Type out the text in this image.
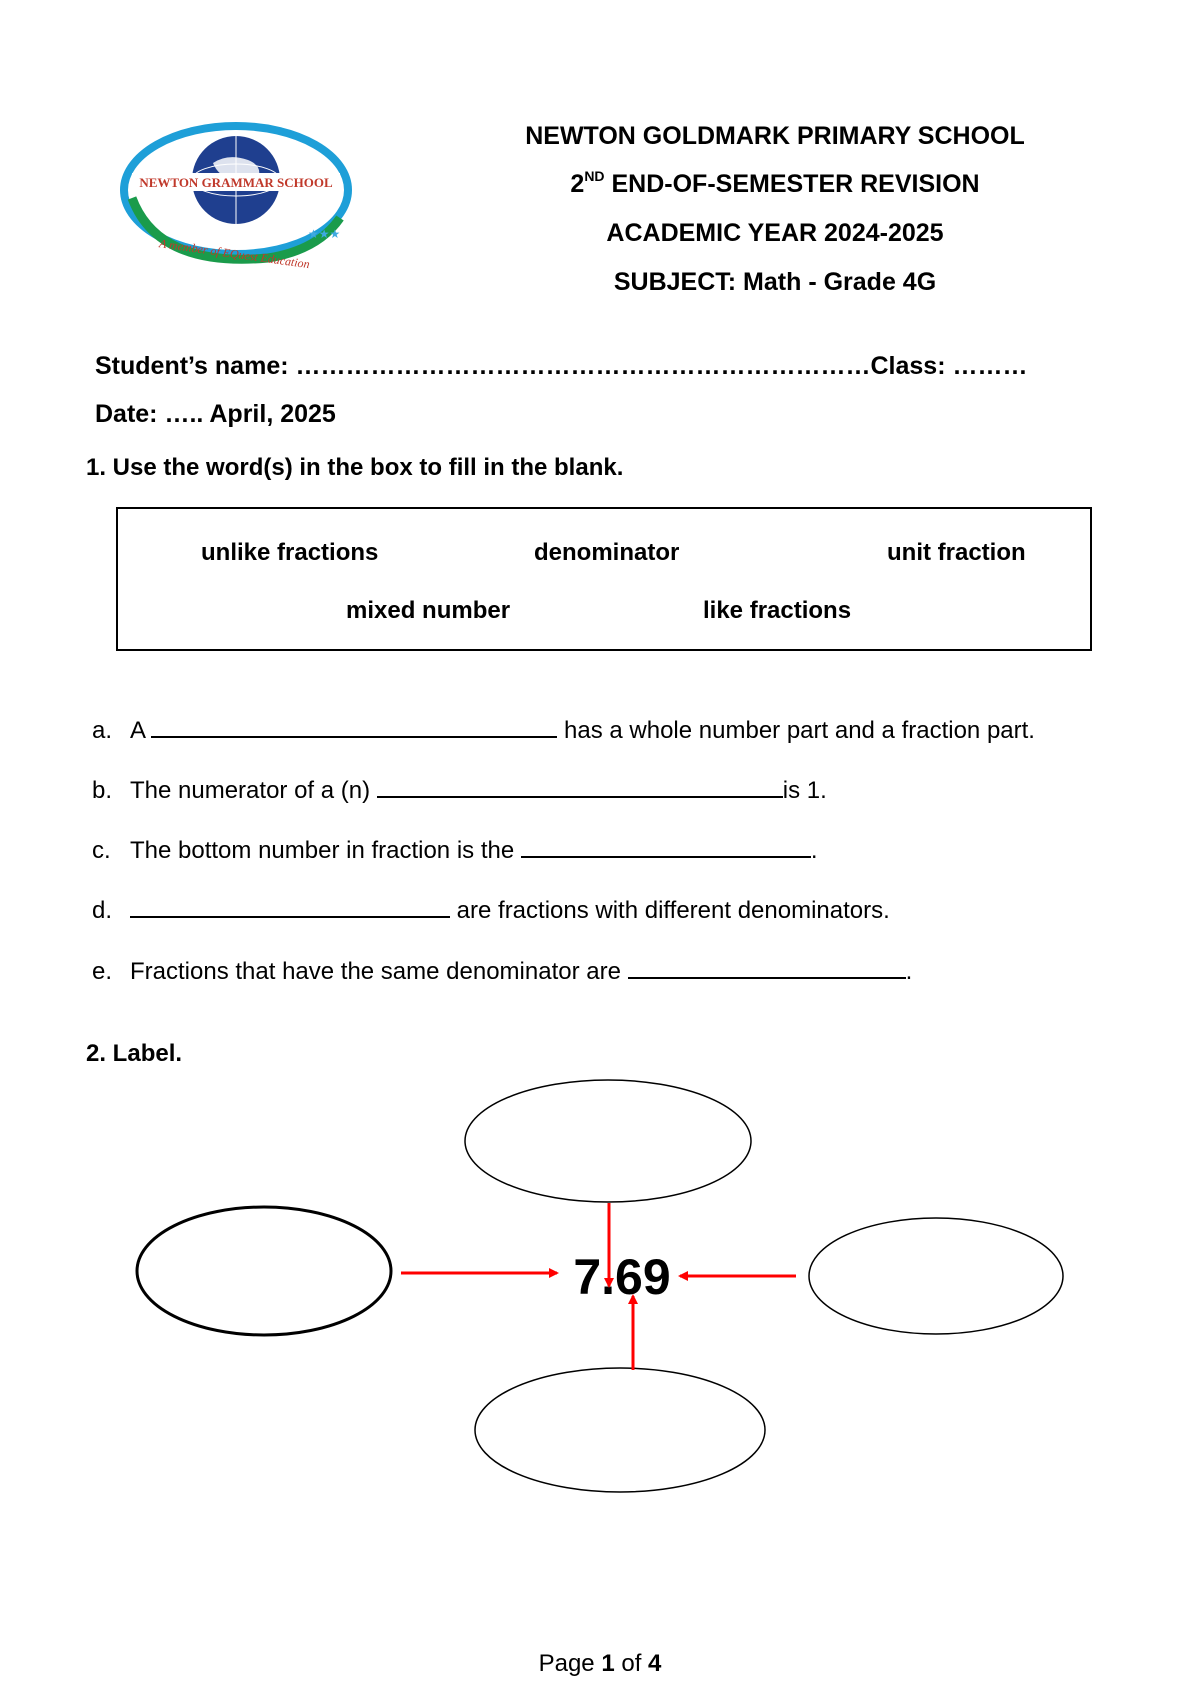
NEWTON GRAMMAR SCHOOL
A member of EQuest Education
★★★
NEWTON GOLDMARK PRIMARY SCHOOL
2ND END-OF-SEMESTER REVISION
ACADEMIC YEAR 2024-2025
SUBJECT: Math - Grade 4G
Student’s name: ……………………………………………………………Class: ………
Date: ….. April, 2025
1. Use the word(s) in the box to fill in the blank.
unlike fractions	denominator	unit fraction
mixed number	like fractions
a. A	has a whole number part and a fraction part.
b. The numerator of a (n)	is 1.
c. The bottom number in fraction is the	.
d.	are fractions with different denominators.
e. Fractions that have the same denominator are	.
2. Label.
7.69
Page 1 of 4
